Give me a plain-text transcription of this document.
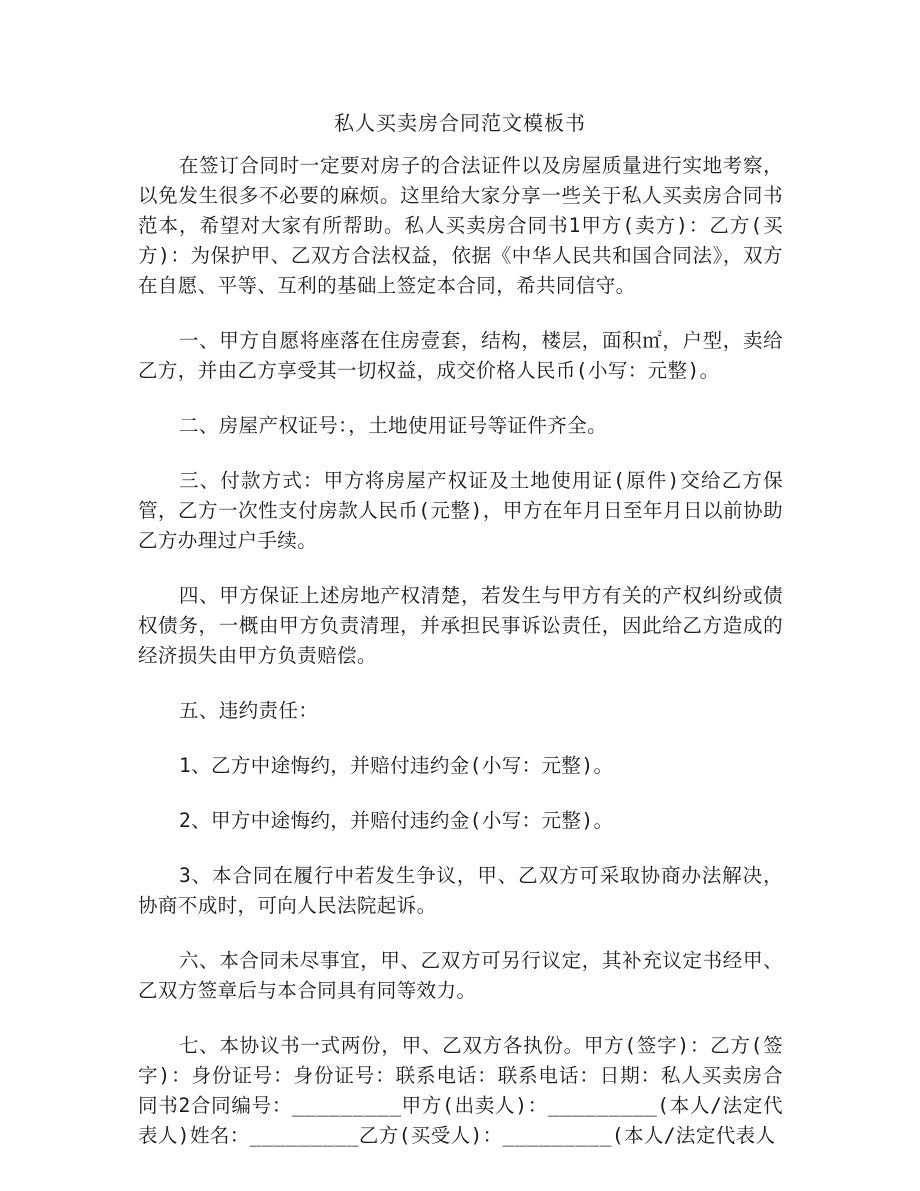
私人买卖房合同范文模板书

在签订合同时一定要对房子的合法证件以及房屋质量进行实地考察，以免发生很多不必要的麻烦。这里给大家分享一些关于私人买卖房合同书范本，希望对大家有所帮助。私人买卖房合同书1甲方(卖方)：乙方(买方)：为保护甲、乙双方合法权益，依据《中华人民共和国合同法》，双方在自愿、平等、互利的基础上签定本合同，希共同信守。

一、甲方自愿将座落在住房壹套，结构，楼层，面积㎡，户型，卖给乙方，并由乙方享受其一切权益，成交价格人民币(小写：元整)。

二、房屋产权证号：，土地使用证号等证件齐全。

三、付款方式：甲方将房屋产权证及土地使用证(原件)交给乙方保管，乙方一次性支付房款人民币(元整)，甲方在年月日至年月日以前协助乙方办理过户手续。

四、甲方保证上述房地产权清楚，若发生与甲方有关的产权纠纷或债权债务，一概由甲方负责清理，并承担民事诉讼责任，因此给乙方造成的经济损失由甲方负责赔偿。

五、违约责任：

1、乙方中途悔约，并赔付违约金(小写：元整)。

2、甲方中途悔约，并赔付违约金(小写：元整)。

3、本合同在履行中若发生争议，甲、乙双方可采取协商办法解决，协商不成时，可向人民法院起诉。

六、本合同未尽事宜，甲、乙双方可另行议定，其补充议定书经甲、乙双方签章后与本合同具有同等效力。

七、本协议书一式两份，甲、乙双方各执份。甲方(签字)：乙方(签字)：身份证号：身份证号：联系电话：联系电话：日期：私人买卖房合同书2合同编号：_________甲方(出卖人)：_________(本人/法定代表人)姓名：_________乙方(买受人)：_________(本人/法定代表人
